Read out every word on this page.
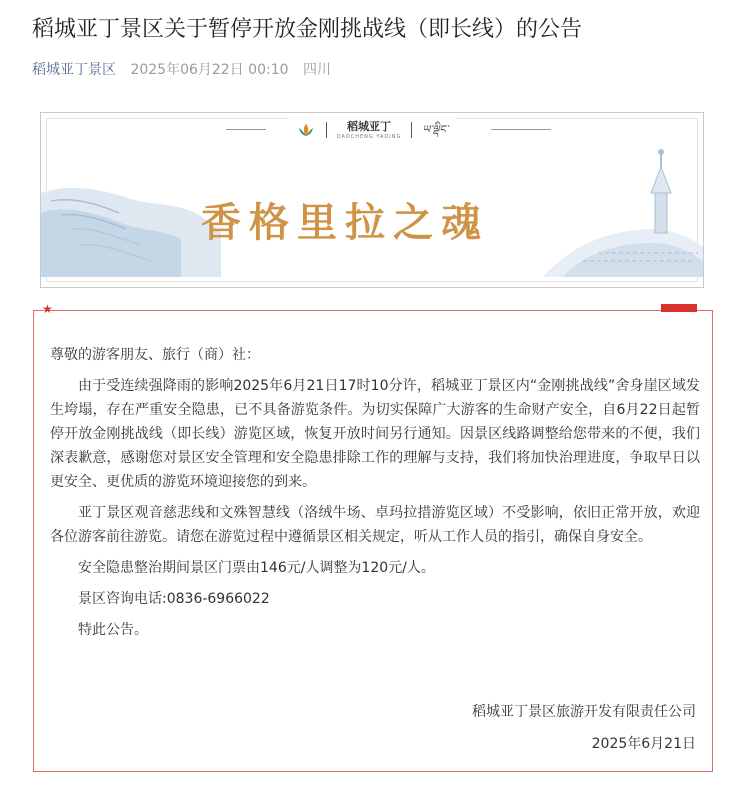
稻城亚丁景区关于暂停开放金刚挑战线（即长线）的公告
稻城亚丁景区 2025年06月22日 00:10 四川
稻城亚丁
DAOCHENG YADING
ཡ་ལྡིང་
香格里拉之魂
★

尊敬的游客朋友、旅行（商）社：

由于受连续强降雨的影响2025年6月21日17时10分许，稻城亚丁景区内“金刚挑战线”舍身崖区域发生垮塌，存在严重安全隐患，已不具备游览条件。为切实保障广大游客的生命财产安全，自6月22日起暂停开放金刚挑战线（即长线）游览区域，恢复开放时间另行通知。因景区线路调整给您带来的不便，我们深表歉意，感谢您对景区安全管理和安全隐患排除工作的理解与支持，我们将加快治理进度，争取早日以更安全、更优质的游览环境迎接您的到来。

亚丁景区观音慈悲线和文殊智慧线（洛绒牛场、卓玛拉措游览区域）不受影响，依旧正常开放，欢迎各位游客前往游览。请您在游览过程中遵循景区相关规定，听从工作人员的指引，确保自身安全。

安全隐患整治期间景区门票由146元/人调整为120元/人。

景区咨询电话:0836-6966022

特此公告。

稻城亚丁景区旅游开发有限责任公司
2025年6月21日
